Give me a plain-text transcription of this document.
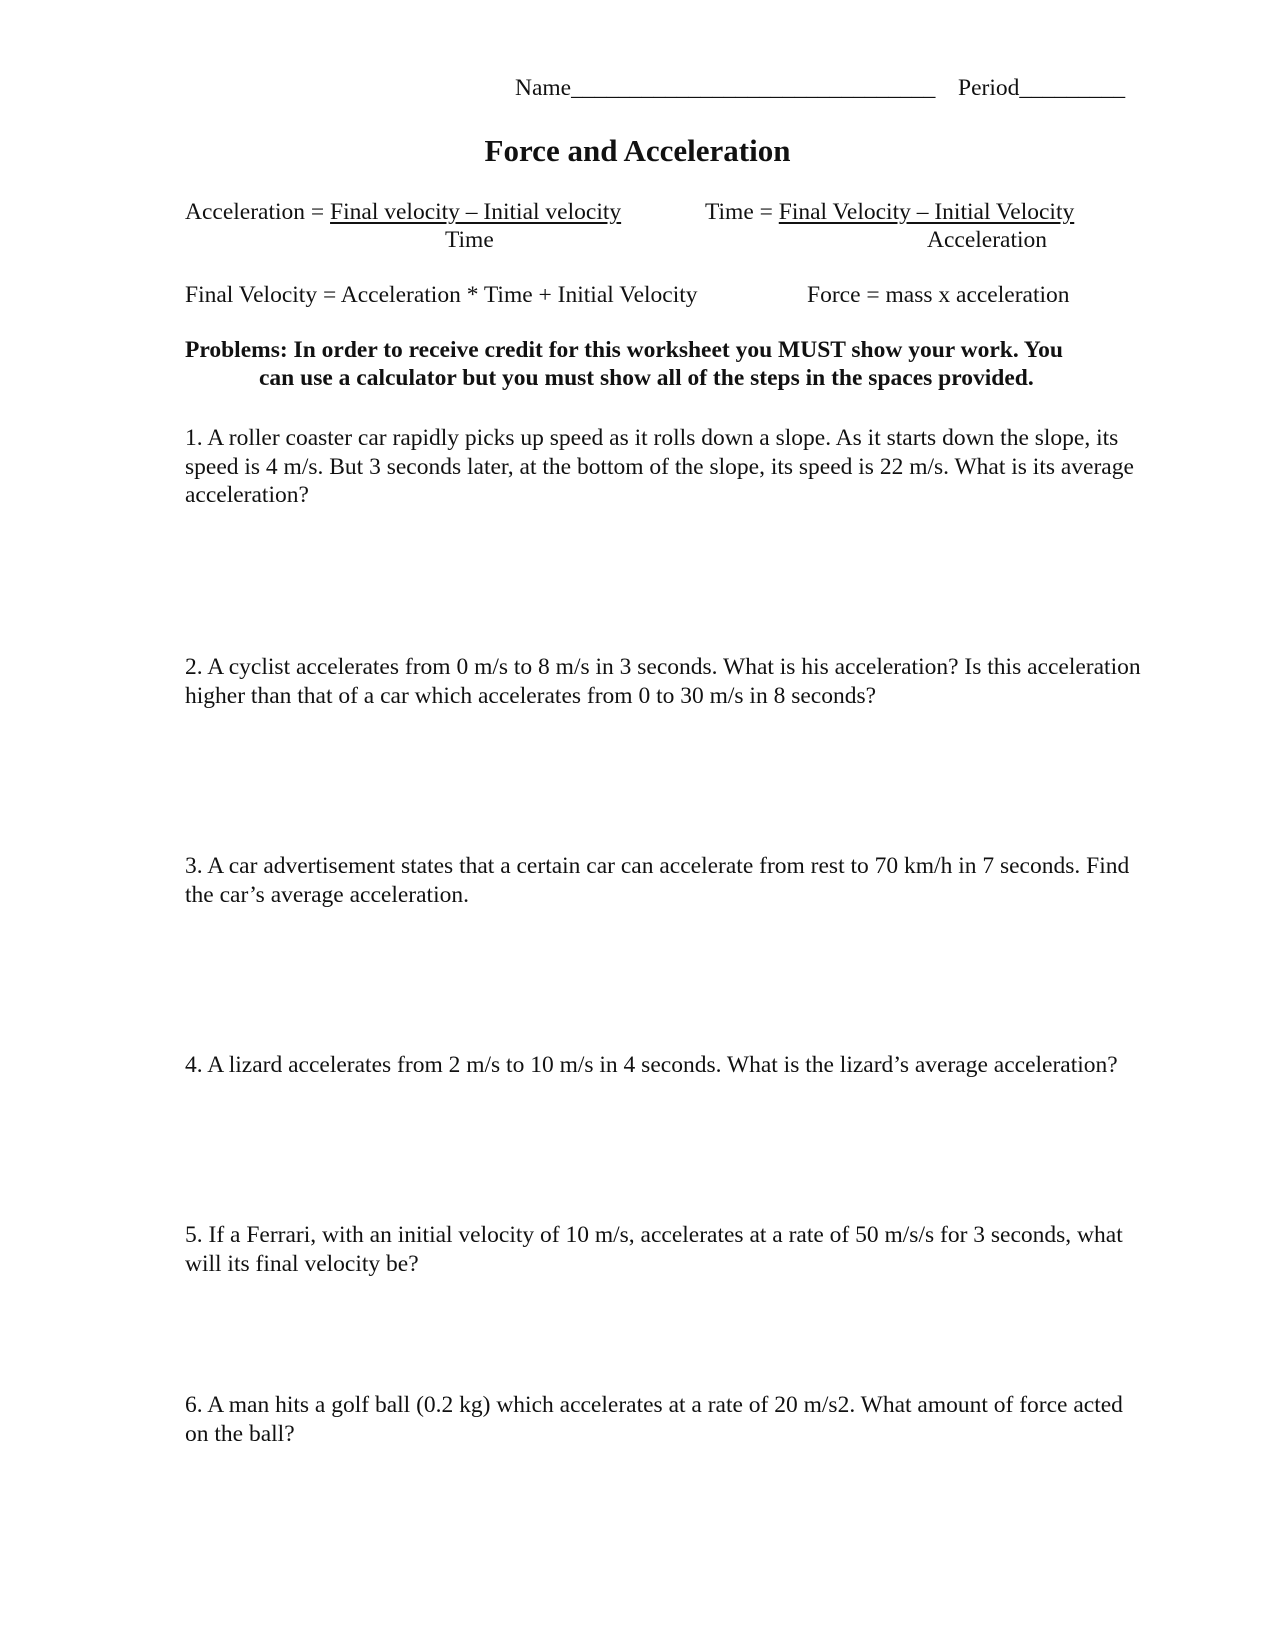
Name_______________________________ Period_________
Force and Acceleration
Acceleration = Final velocity – Initial velocity
Time
Time = Final Velocity – Initial Velocity
Acceleration
Final Velocity = Acceleration * Time + Initial Velocity	Force = mass x acceleration
Problems: In order to receive credit for this worksheet you MUST show your work. You
can use a calculator but you must show all of the steps in the spaces provided.
1. A roller coaster car rapidly picks up speed as it rolls down a slope. As it starts down the slope, its speed is 4 m/s. But 3 seconds later, at the bottom of the slope, its speed is 22 m/s. What is its average acceleration?
2. A cyclist accelerates from 0 m/s to 8 m/s in 3 seconds. What is his acceleration? Is this acceleration higher than that of a car which accelerates from 0 to 30 m/s in 8 seconds?
3. A car advertisement states that a certain car can accelerate from rest to 70 km/h in 7 seconds. Find the car’s average acceleration.
4. A lizard accelerates from 2 m/s to 10 m/s in 4 seconds. What is the lizard’s average acceleration?
5. If a Ferrari, with an initial velocity of 10 m/s, accelerates at a rate of 50 m/s/s for 3 seconds, what will its final velocity be?
6. A man hits a golf ball (0.2 kg) which accelerates at a rate of 20 m/s2. What amount of force acted on the ball?
